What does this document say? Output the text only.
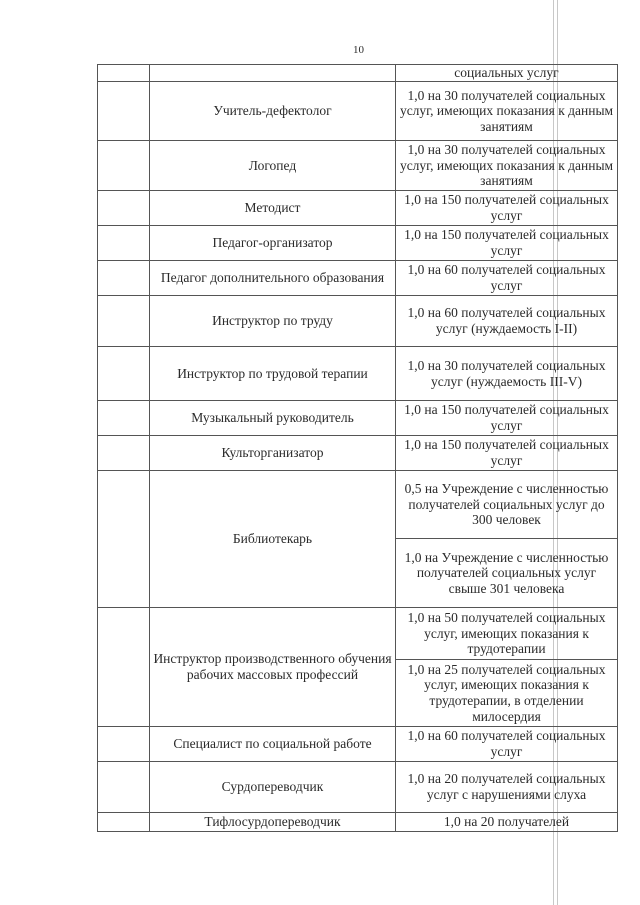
10
		социальных услуг
	Учитель-дефектолог	1,0 на 30 получателей социальных услуг, имеющих показания к данным занятиям
	Логопед	1,0 на 30 получателей социальных услуг, имеющих показания к данным занятиям
	Методист	1,0 на 150 получателей социальных услуг
	Педагог-организатор	1,0 на 150 получателей социальных услуг
	Педагог дополнительного образования	1,0 на 60 получателей социальных услуг
	Инструктор по труду	1,0 на 60 получателей социальных услуг (нуждаемость I-II)
	Инструктор по трудовой терапии	1,0 на 30 получателей социальных услуг (нуждаемость III-V)
	Музыкальный руководитель	1,0 на 150 получателей социальных услуг
	Культорганизатор	1,0 на 150 получателей социальных услуг
	Библиотекарь	0,5 на Учреждение с численностью получателей социальных услуг до 300 человек
		1,0 на Учреждение с численностью получателей социальных услуг свыше 301 человека
	Инструктор производственного обучения рабочих массовых профессий	1,0 на 50 получателей социальных услуг, имеющих показания к трудотерапии
		1,0 на 25 получателей социальных услуг, имеющих показания к трудотерапии, в отделении милосердия
	Специалист по социальной работе	1,0 на 60 получателей социальных услуг
	Сурдопереводчик	1,0 на 20 получателей социальных услуг с нарушениями слуха
	Тифлосурдопереводчик	1,0 на 20 получателей
